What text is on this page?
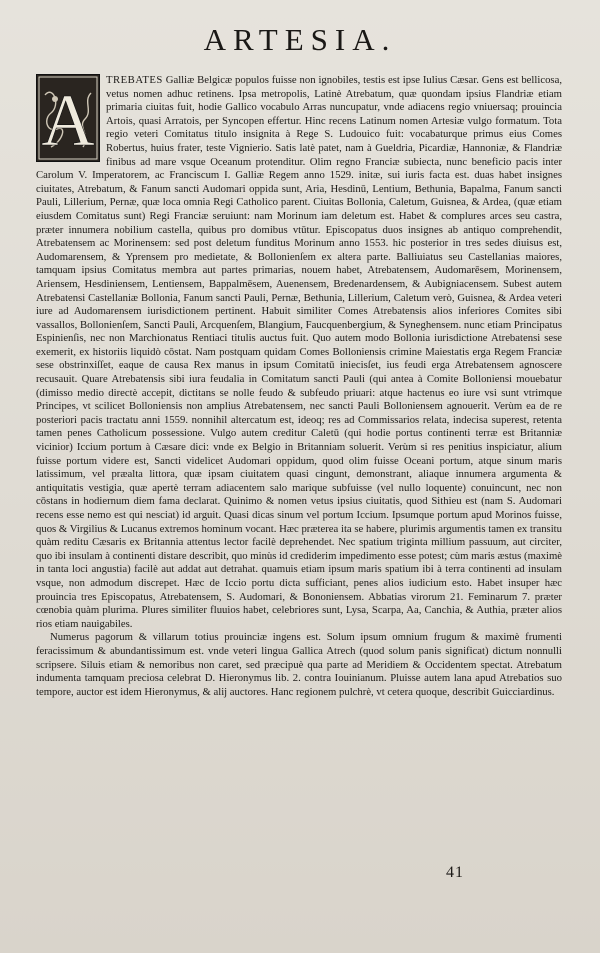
ARTESIA.

A TREBATES Galliæ Belgicæ populos fuisse non ignobiles, testis est ipse Iulius Cæsar. Gens est bellicosa, vetus nomen adhuc retinens. Ipsa metropolis, Latinè Atrebatum, quæ quondam ipsius Flandriæ etiam primaria ciuitas fuit, hodie Gallico vocabulo Arras nuncupatur, vnde adiacens regio vniuersaq; prouincia Artois, quasi Arratois, per Syncopen effertur. Hinc recens Latinum nomen Artesiæ vulgo formatum. Tota regio veteri Comitatus titulo insignita à Rege S. Ludouico fuit: vocabaturque primus eius Comes Robertus, huius frater, teste Vignierio. Satis latè patet, nam à Gueldria, Picardiæ, Hannoniæ, & Flandriæ finibus ad mare vsque Oceanum protenditur. Olim regno Franciæ subiecta, nunc beneficio pacis inter Carolum V. Imperatorem, ac Franciscum I. Galliæ Regem anno 1529. initæ, sui iuris facta est. duas habet insignes ciuitates, Atrebatum, & Fanum sancti Audomari oppida sunt, Aria, Hesdinū, Lentium, Bethunia, Bapalma, Fanum sancti Pauli, Lillerium, Pernæ, quæ loca omnia Regi Catholico parent. Ciuitas Bollonia, Caletum, Guisnea, & Ardea, (quæ etiam eiusdem Comitatus sunt) Regi Franciæ seruiunt: nam Morinum iam deletum est. Habet & complures arces seu castra, præter innumera nobilium castella, quibus pro domibus vtūtur. Episcopatus duos insignes ab antiquo comprehendit, Atrebatensem ac Morinensem: sed post deletum funditus Morinum anno 1553. hic posterior in tres sedes diuisus est, Audomarensem, & Yprensem pro medietate, & Bollonienſem ex altera parte. Balliuiatus seu Castellanias maiores, tamquam ipsius Comitatus membra aut partes primarias, nouem habet, Atrebatensem, Audomarēsem, Morinensem, Ariensem, Hesdiniensem, Lentiensem, Bappalmēsem, Auenensem, Bredenardensem, & Aubigniacensem. Subest autem Atrebatensi Castellaniæ Bollonia, Fanum sancti Pauli, Pernæ, Bethunia, Lillerium, Caletum verò, Guisnea, & Ardea veteri iure ad Audomarensem iurisdictionem pertinent. Habuit similiter Comes Atrebatensis alios inferiores Comites sibi vassallos, Bollonienſem, Sancti Pauli, Arcquenſem, Blangium, Faucquenbergium, & Syneghensem. nunc etiam Principatus Espinienſis, nec non Marchionatus Rentiaci titulis auctus fuit. Quo autem modo Bollonia iurisdictione Atrebatensi sese exemerit, ex historiis liquidò cōstat. Nam postquam quidam Comes Bolloniensis crimine Maiestatis erga Regem Franciæ sese obstrinxiſſet, eaque de causa Rex manus in ipsum Comitatū iniecisſet, ius feudi erga Atrebatensem agnoscere recusauit. Quare Atrebatensis sibi iura feudalia in Comitatum sancti Pauli (qui antea à Comite Bolloniensi mouebatur (dimisso medio directè accepit, dictitans se nolle feudo & subfeudo priuari: atque hactenus eo iure vsi sunt vtrimque Principes, vt scilicet Bolloniensis non amplius Atrebatensem, nec sancti Pauli Bolloniensem agnouerit. Verùm ea de re posteriori pacis tractatu anni 1559. nonnihil altercatum est, ideoq; res ad Commissarios relata, indecisa superest, retenta tamen penes Catholicum possessione. Vulgo autem creditur Caletū (qui hodie portus continenti terræ est Britanniæ vicinior) Iccium portum à Cæsare dici: vnde ex Belgio in Britanniam soluerit. Verùm si res penitius inspiciatur, alium fuisse portum videre est, Sancti videlicet Audomari oppidum, quod olim fuisse Oceani portum, atque sinum maris latissimum, vel præalta littora, quæ ipsam ciuitatem quasi cingunt, demonstrant, aliaque innumera argumenta & antiquitatis vestigia, quæ apertè terram adiacentem salo marique subfuisse (vel nullo loquente) conuincunt, nec non cōstans in hodiernum diem fama declarat. Quinimo & nomen vetus ipsius ciuitatis, quod Sithieu est (nam S. Audomari recens esse nemo est qui nesciat) id arguit. Quasi dicas sinum vel portum Iccium. Ipsumque portum apud Morinos fuisse, quos & Virgilius & Lucanus extremos hominum vocant. Hæc præterea ita se habere, plurimis argumentis tamen ex transitu quàm reditu Cæsaris ex Britannia attentus lector facilè deprehendet. Nec spatium triginta millium passuum, aut circiter, quo ibi insulam à continenti distare describit, quo minùs id crediderim impedimento esse potest; cùm maris æstus (maximè in tanta loci angustia) facilè aut addat aut detrahat. quamuis etiam ipsum maris spatium ibi à terra continenti ad insulam vsque, non admodum discrepet. Hæc de Iccio portu dicta sufficiant, penes alios iudicium esto. Habet insuper hæc prouincia tres Episcopatus, Atrebatensem, S. Audomari, & Bononiensem. Abbatias virorum 21. Feminarum 7. præter cœnobia quàm plurima. Plures similiter fluuios habet, celebriores sunt, Lysa, Scarpa, Aa, Canchia, & Authia, præter alios rios etiam nauigabiles.

Numerus pagorum & villarum totius prouinciæ ingens est. Solum ipsum omnium frugum & maximè frumenti feracissimum & abundantissimum est. vnde veteri lingua Gallica Atrech (quod solum panis significat) dictum nonnulli scripsere. Siluis etiam & nemoribus non caret, sed præcipuè qua parte ad Meridiem & Occidentem spectat. Atrebatum indumenta tamquam preciosa celebrat D. Hieronymus lib. 2. contra Iouinianum. Pluisse autem lana apud Atrebatios suo tempore, auctor est idem Hieronymus, & alij auctores. Hanc regionem pulchrè, vt cetera quoque, describit Guicciardinus.

41
